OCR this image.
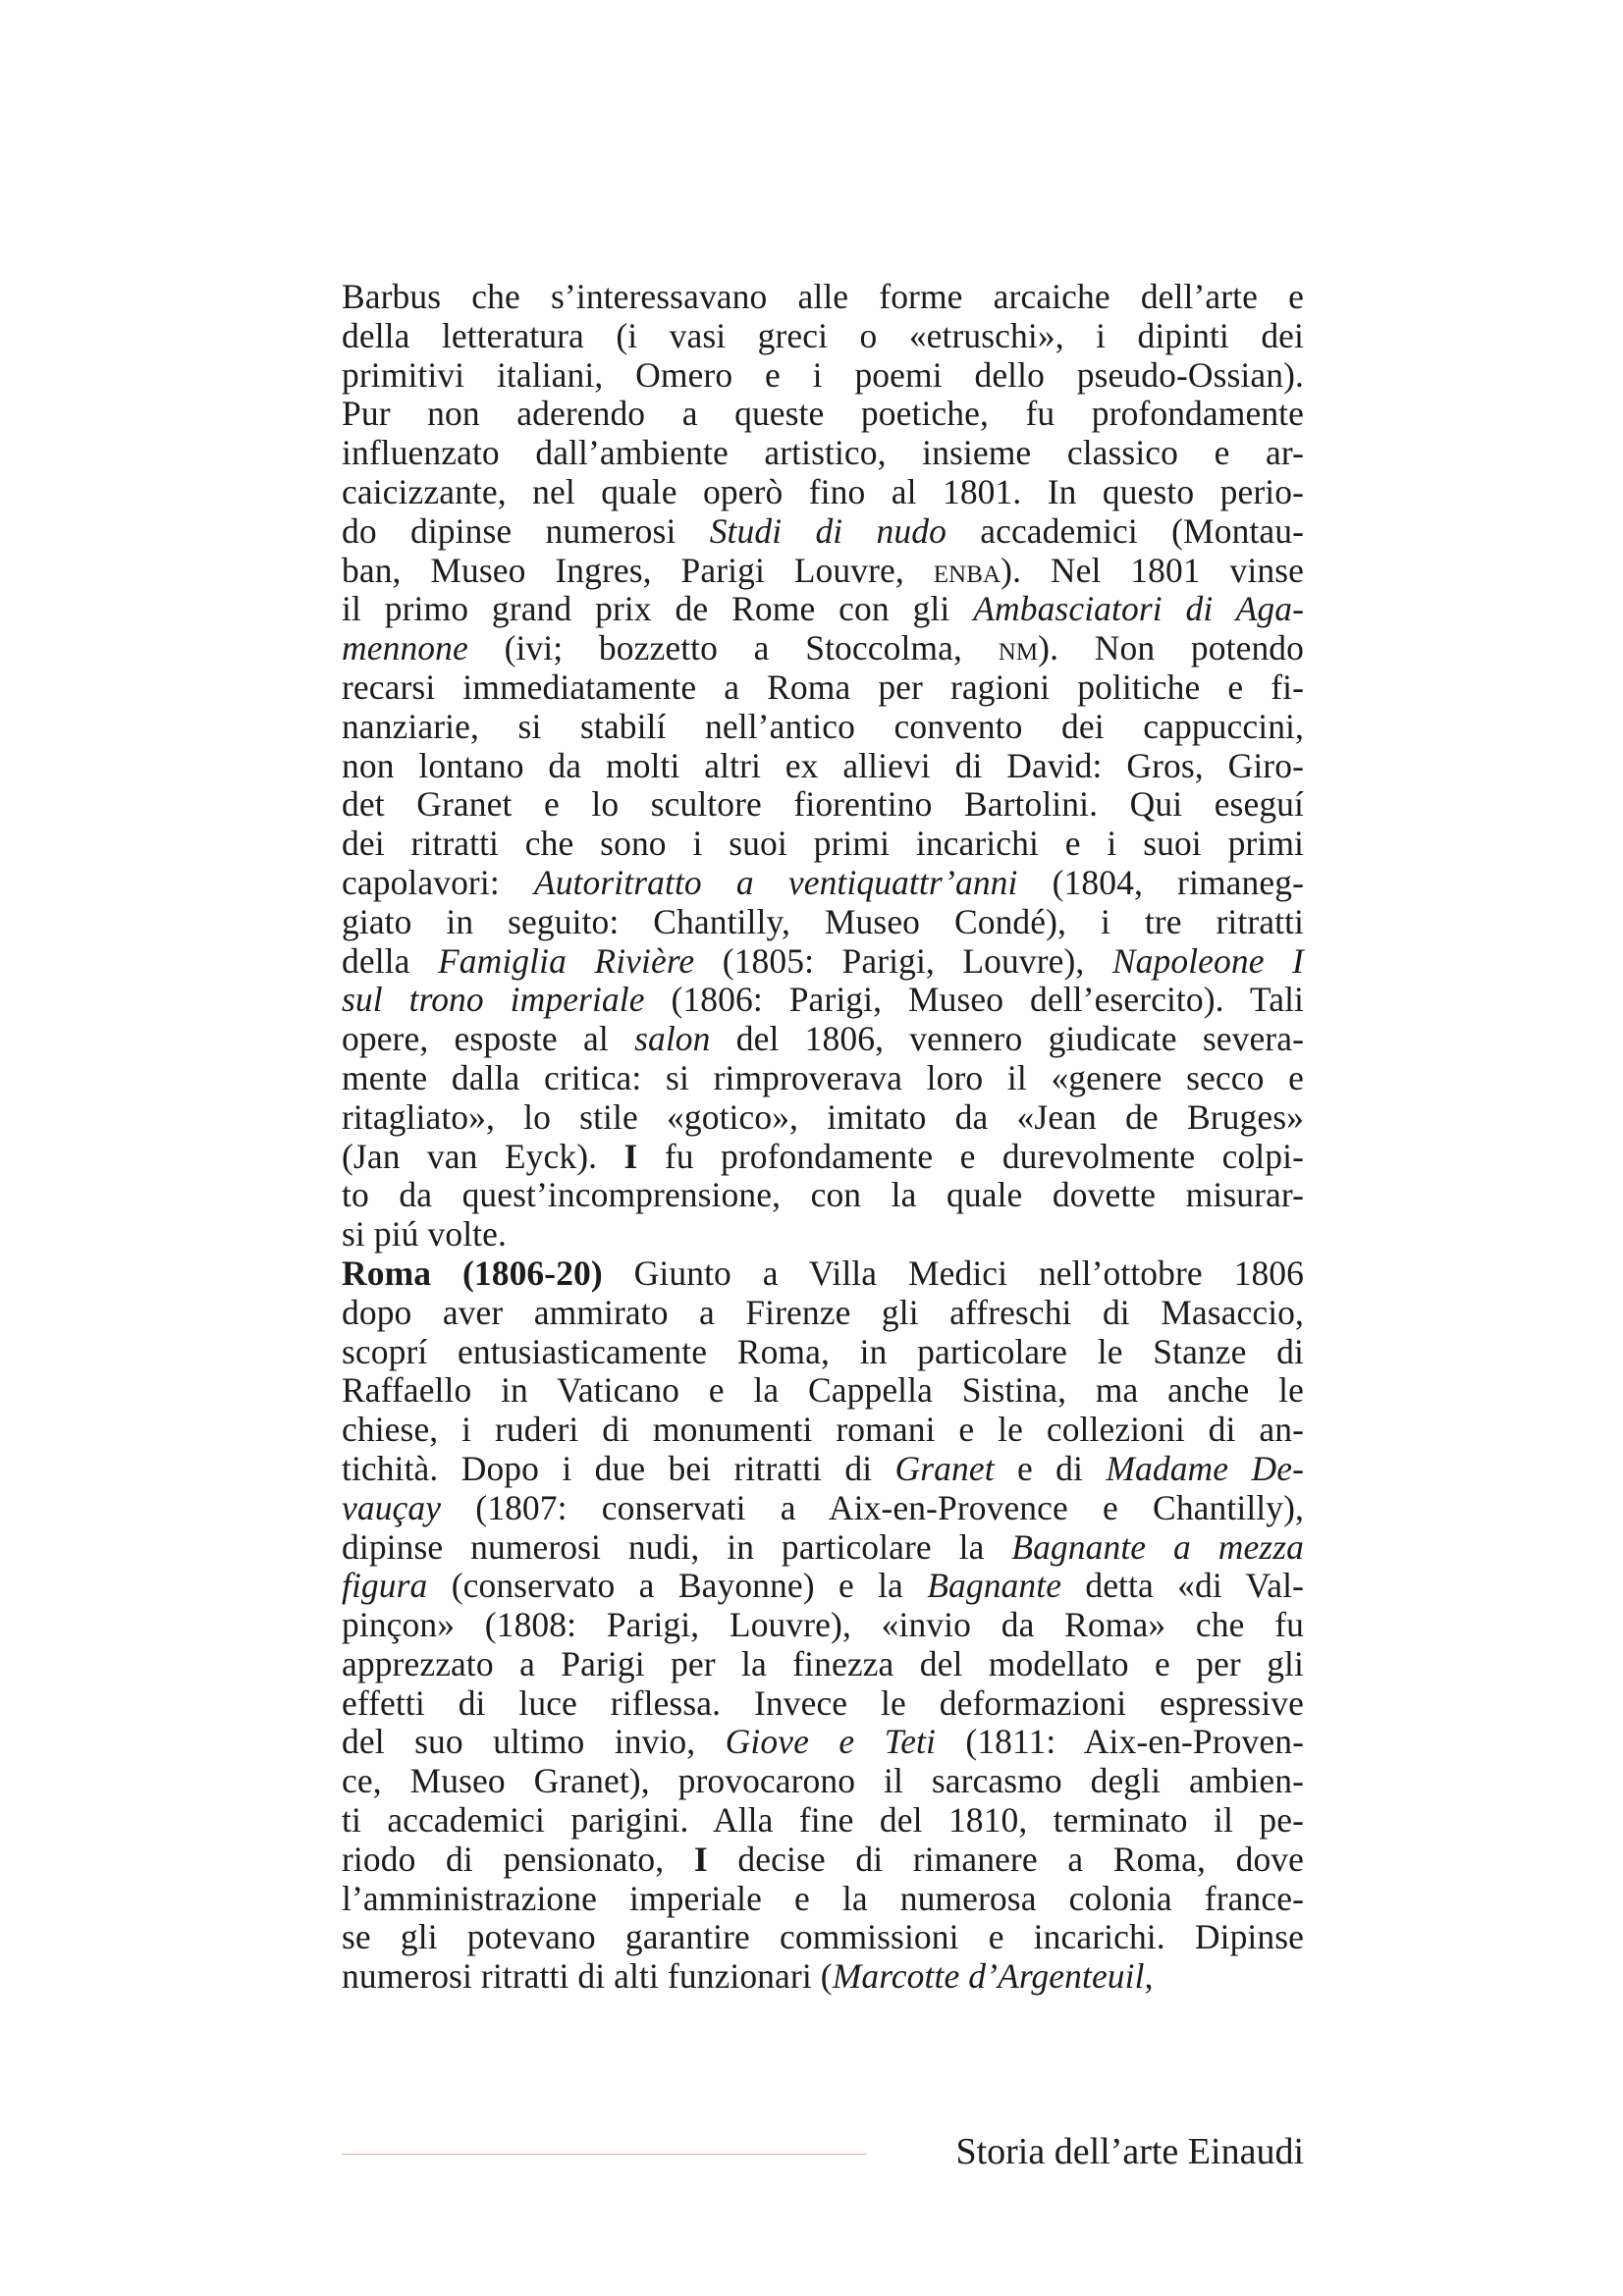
Barbus che s’interessavano alle forme arcaiche dell’arte e
della letteratura (i vasi greci o «etruschi», i dipinti dei
primitivi italiani, Omero e i poemi dello pseudo-Ossian).
Pur non aderendo a queste poetiche, fu profondamente
influenzato dall’ambiente artistico, insieme classico e ar-
caicizzante, nel quale operò fino al 1801. In questo perio-
do dipinse numerosi Studi di nudo accademici (Montau-
ban, Museo Ingres, Parigi Louvre, enba). Nel 1801 vinse
il primo grand prix de Rome con gli Ambasciatori di Aga-
mennone (ivi; bozzetto a Stoccolma, nm). Non potendo
recarsi immediatamente a Roma per ragioni politiche e fi-
nanziarie, si stabilí nell’antico convento dei cappuccini,
non lontano da molti altri ex allievi di David: Gros, Giro-
det Granet e lo scultore fiorentino Bartolini. Qui eseguí
dei ritratti che sono i suoi primi incarichi e i suoi primi
capolavori: Autoritratto a ventiquattr’anni (1804, rimaneg-
giato in seguito: Chantilly, Museo Condé), i tre ritratti
della Famiglia Rivière (1805: Parigi, Louvre), Napoleone I
sul trono imperiale (1806: Parigi, Museo dell’esercito). Tali
opere, esposte al salon del 1806, vennero giudicate severa-
mente dalla critica: si rimproverava loro il «genere secco e
ritagliato», lo stile «gotico», imitato da «Jean de Bruges»
(Jan van Eyck). I fu profondamente e durevolmente colpi-
to da quest’incomprensione, con la quale dovette misurar-
si piú volte.
Roma (1806-20) Giunto a Villa Medici nell’ottobre 1806
dopo aver ammirato a Firenze gli affreschi di Masaccio,
scoprí entusiasticamente Roma, in particolare le Stanze di
Raffaello in Vaticano e la Cappella Sistina, ma anche le
chiese, i ruderi di monumenti romani e le collezioni di an-
tichità. Dopo i due bei ritratti di Granet e di Madame De-
vauçay (1807: conservati a Aix-en-Provence e Chantilly),
dipinse numerosi nudi, in particolare la Bagnante a mezza
figura (conservato a Bayonne) e la Bagnante detta «di Val-
pinçon» (1808: Parigi, Louvre), «invio da Roma» che fu
apprezzato a Parigi per la finezza del modellato e per gli
effetti di luce riflessa. Invece le deformazioni espressive
del suo ultimo invio, Giove e Teti (1811: Aix-en-Proven-
ce, Museo Granet), provocarono il sarcasmo degli ambien-
ti accademici parigini. Alla fine del 1810, terminato il pe-
riodo di pensionato, I decise di rimanere a Roma, dove
l’amministrazione imperiale e la numerosa colonia france-
se gli potevano garantire commissioni e incarichi. Dipinse
numerosi ritratti di alti funzionari (Marcotte d’Argenteuil,
Storia dell’arte Einaudi
